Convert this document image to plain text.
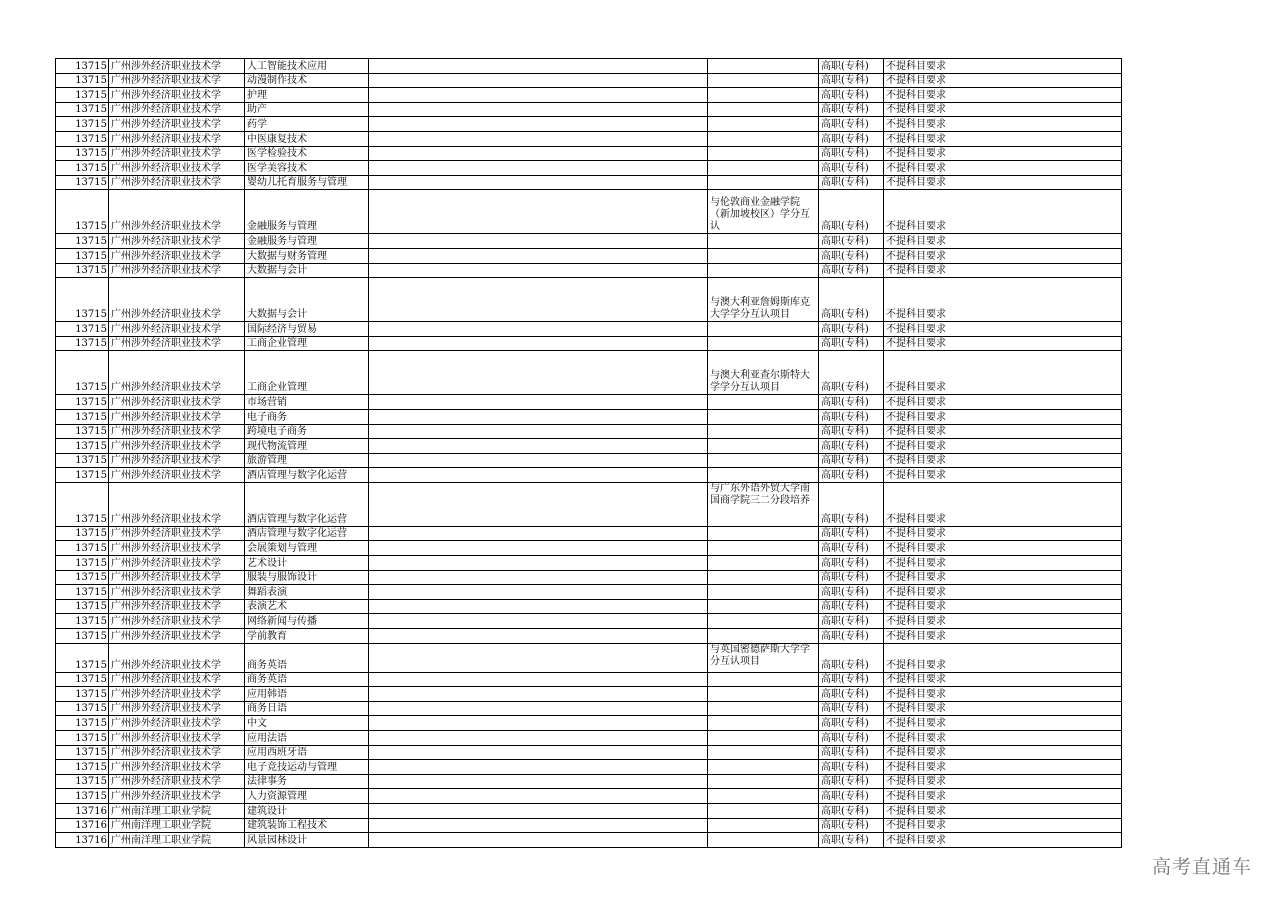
13715	广州涉外经济职业技术学	人工智能技术应用			高职(专科)	不提科目要求
13715	广州涉外经济职业技术学	动漫制作技术			高职(专科)	不提科目要求
13715	广州涉外经济职业技术学	护理			高职(专科)	不提科目要求
13715	广州涉外经济职业技术学	助产			高职(专科)	不提科目要求
13715	广州涉外经济职业技术学	药学			高职(专科)	不提科目要求
13715	广州涉外经济职业技术学	中医康复技术			高职(专科)	不提科目要求
13715	广州涉外经济职业技术学	医学检验技术			高职(专科)	不提科目要求
13715	广州涉外经济职业技术学	医学美容技术			高职(专科)	不提科目要求
13715	广州涉外经济职业技术学	婴幼儿托育服务与管理			高职(专科)	不提科目要求
13715	广州涉外经济职业技术学	金融服务与管理		与伦敦商业金融学院（新加坡校区）学分互认	高职(专科)	不提科目要求
13715	广州涉外经济职业技术学	金融服务与管理			高职(专科)	不提科目要求
13715	广州涉外经济职业技术学	大数据与财务管理			高职(专科)	不提科目要求
13715	广州涉外经济职业技术学	大数据与会计			高职(专科)	不提科目要求
13715	广州涉外经济职业技术学	大数据与会计		与澳大利亚詹姆斯库克大学学分互认项目	高职(专科)	不提科目要求
13715	广州涉外经济职业技术学	国际经济与贸易			高职(专科)	不提科目要求
13715	广州涉外经济职业技术学	工商企业管理			高职(专科)	不提科目要求
13715	广州涉外经济职业技术学	工商企业管理		与澳大利亚查尔斯特大学学分互认项目	高职(专科)	不提科目要求
13715	广州涉外经济职业技术学	市场营销			高职(专科)	不提科目要求
13715	广州涉外经济职业技术学	电子商务			高职(专科)	不提科目要求
13715	广州涉外经济职业技术学	跨境电子商务			高职(专科)	不提科目要求
13715	广州涉外经济职业技术学	现代物流管理			高职(专科)	不提科目要求
13715	广州涉外经济职业技术学	旅游管理			高职(专科)	不提科目要求
13715	广州涉外经济职业技术学	酒店管理与数字化运营			高职(专科)	不提科目要求
13715	广州涉外经济职业技术学	酒店管理与数字化运营		与广东外语外贸大学南国商学院三二分段培养	高职(专科)	不提科目要求
13715	广州涉外经济职业技术学	酒店管理与数字化运营			高职(专科)	不提科目要求
13715	广州涉外经济职业技术学	会展策划与管理			高职(专科)	不提科目要求
13715	广州涉外经济职业技术学	艺术设计			高职(专科)	不提科目要求
13715	广州涉外经济职业技术学	服装与服饰设计			高职(专科)	不提科目要求
13715	广州涉外经济职业技术学	舞蹈表演			高职(专科)	不提科目要求
13715	广州涉外经济职业技术学	表演艺术			高职(专科)	不提科目要求
13715	广州涉外经济职业技术学	网络新闻与传播			高职(专科)	不提科目要求
13715	广州涉外经济职业技术学	学前教育			高职(专科)	不提科目要求
13715	广州涉外经济职业技术学	商务英语		与英国密德萨斯大学学分互认项目	高职(专科)	不提科目要求
13715	广州涉外经济职业技术学	商务英语			高职(专科)	不提科目要求
13715	广州涉外经济职业技术学	应用韩语			高职(专科)	不提科目要求
13715	广州涉外经济职业技术学	商务日语			高职(专科)	不提科目要求
13715	广州涉外经济职业技术学	中文			高职(专科)	不提科目要求
13715	广州涉外经济职业技术学	应用法语			高职(专科)	不提科目要求
13715	广州涉外经济职业技术学	应用西班牙语			高职(专科)	不提科目要求
13715	广州涉外经济职业技术学	电子竞技运动与管理			高职(专科)	不提科目要求
13715	广州涉外经济职业技术学	法律事务			高职(专科)	不提科目要求
13715	广州涉外经济职业技术学	人力资源管理			高职(专科)	不提科目要求
13716	广州南洋理工职业学院	建筑设计			高职(专科)	不提科目要求
13716	广州南洋理工职业学院	建筑装饰工程技术			高职(专科)	不提科目要求
13716	广州南洋理工职业学院	风景园林设计			高职(专科)	不提科目要求
高考直通车
